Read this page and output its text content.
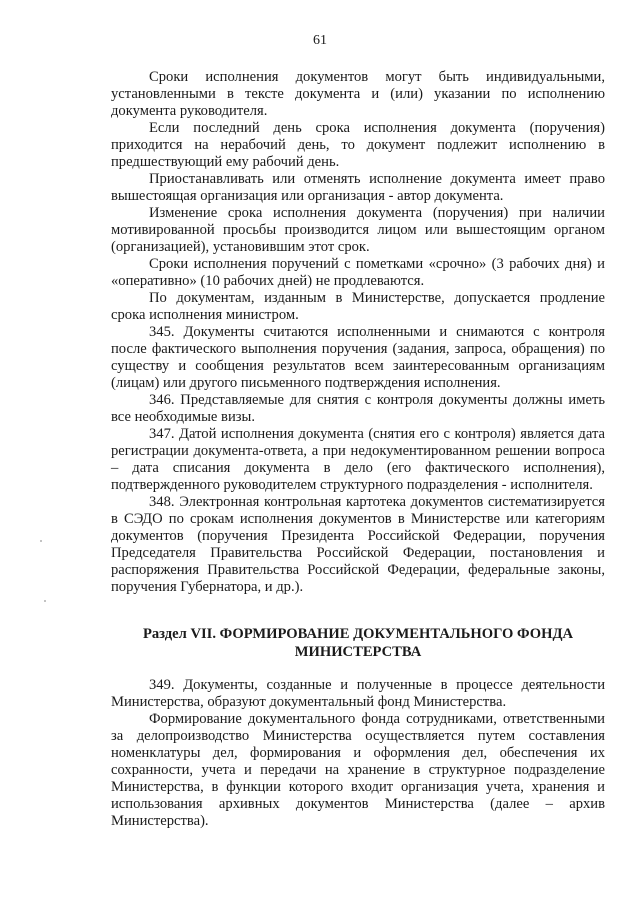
61

Сроки исполнения документов могут быть индивидуальными, установленными в тексте документа и (или) указании по исполнению документа руководителя.

Если последний день срока исполнения документа (поручения) приходится на нерабочий день, то документ подлежит исполнению в предшествующий ему рабочий день.

Приостанавливать или отменять исполнение документа имеет право вышестоящая организация или организация - автор документа.

Изменение срока исполнения документа (поручения) при наличии мотивированной просьбы производится лицом или вышестоящим органом (организацией), установившим этот срок.

Сроки исполнения поручений с пометками «срочно» (3 рабочих дня) и «оперативно» (10 рабочих дней) не продлеваются.

По документам, изданным в Министерстве, допускается продление срока исполнения министром.

345. Документы считаются исполненными и снимаются с контроля после фактического выполнения поручения (задания, запроса, обращения) по существу и сообщения результатов всем заинтересованным организациям (лицам) или другого письменного подтверждения исполнения.

346. Представляемые для снятия с контроля документы должны иметь все необходимые визы.

347. Датой исполнения документа (снятия его с контроля) является дата регистрации документа-ответа, а при недокументированном решении вопроса – дата списания документа в дело (его фактического исполнения), подтвержденного руководителем структурного подразделения - исполнителя.

348. Электронная контрольная картотека документов систематизируется в СЭДО по срокам исполнения документов в Министерстве или категориям документов (поручения Президента Российской Федерации, поручения Председателя Правительства Российской Федерации, постановления и распоряжения Правительства Российской Федерации, федеральные законы, поручения Губернатора, и др.).

Раздел VII. ФОРМИРОВАНИЕ ДОКУМЕНТАЛЬНОГО ФОНДА
МИНИСТЕРСТВА

349. Документы, созданные и полученные в процессе деятельности Министерства, образуют документальный фонд Министерства.

Формирование документального фонда сотрудниками, ответственными за делопроизводство Министерства осуществляется путем составления номенклатуры дел, формирования и оформления дел, обеспечения их сохранности, учета и передачи на хранение в структурное подразделение Министерства, в функции которого входит организация учета, хранения и использования архивных документов Министерства (далее – архив Министерства).
